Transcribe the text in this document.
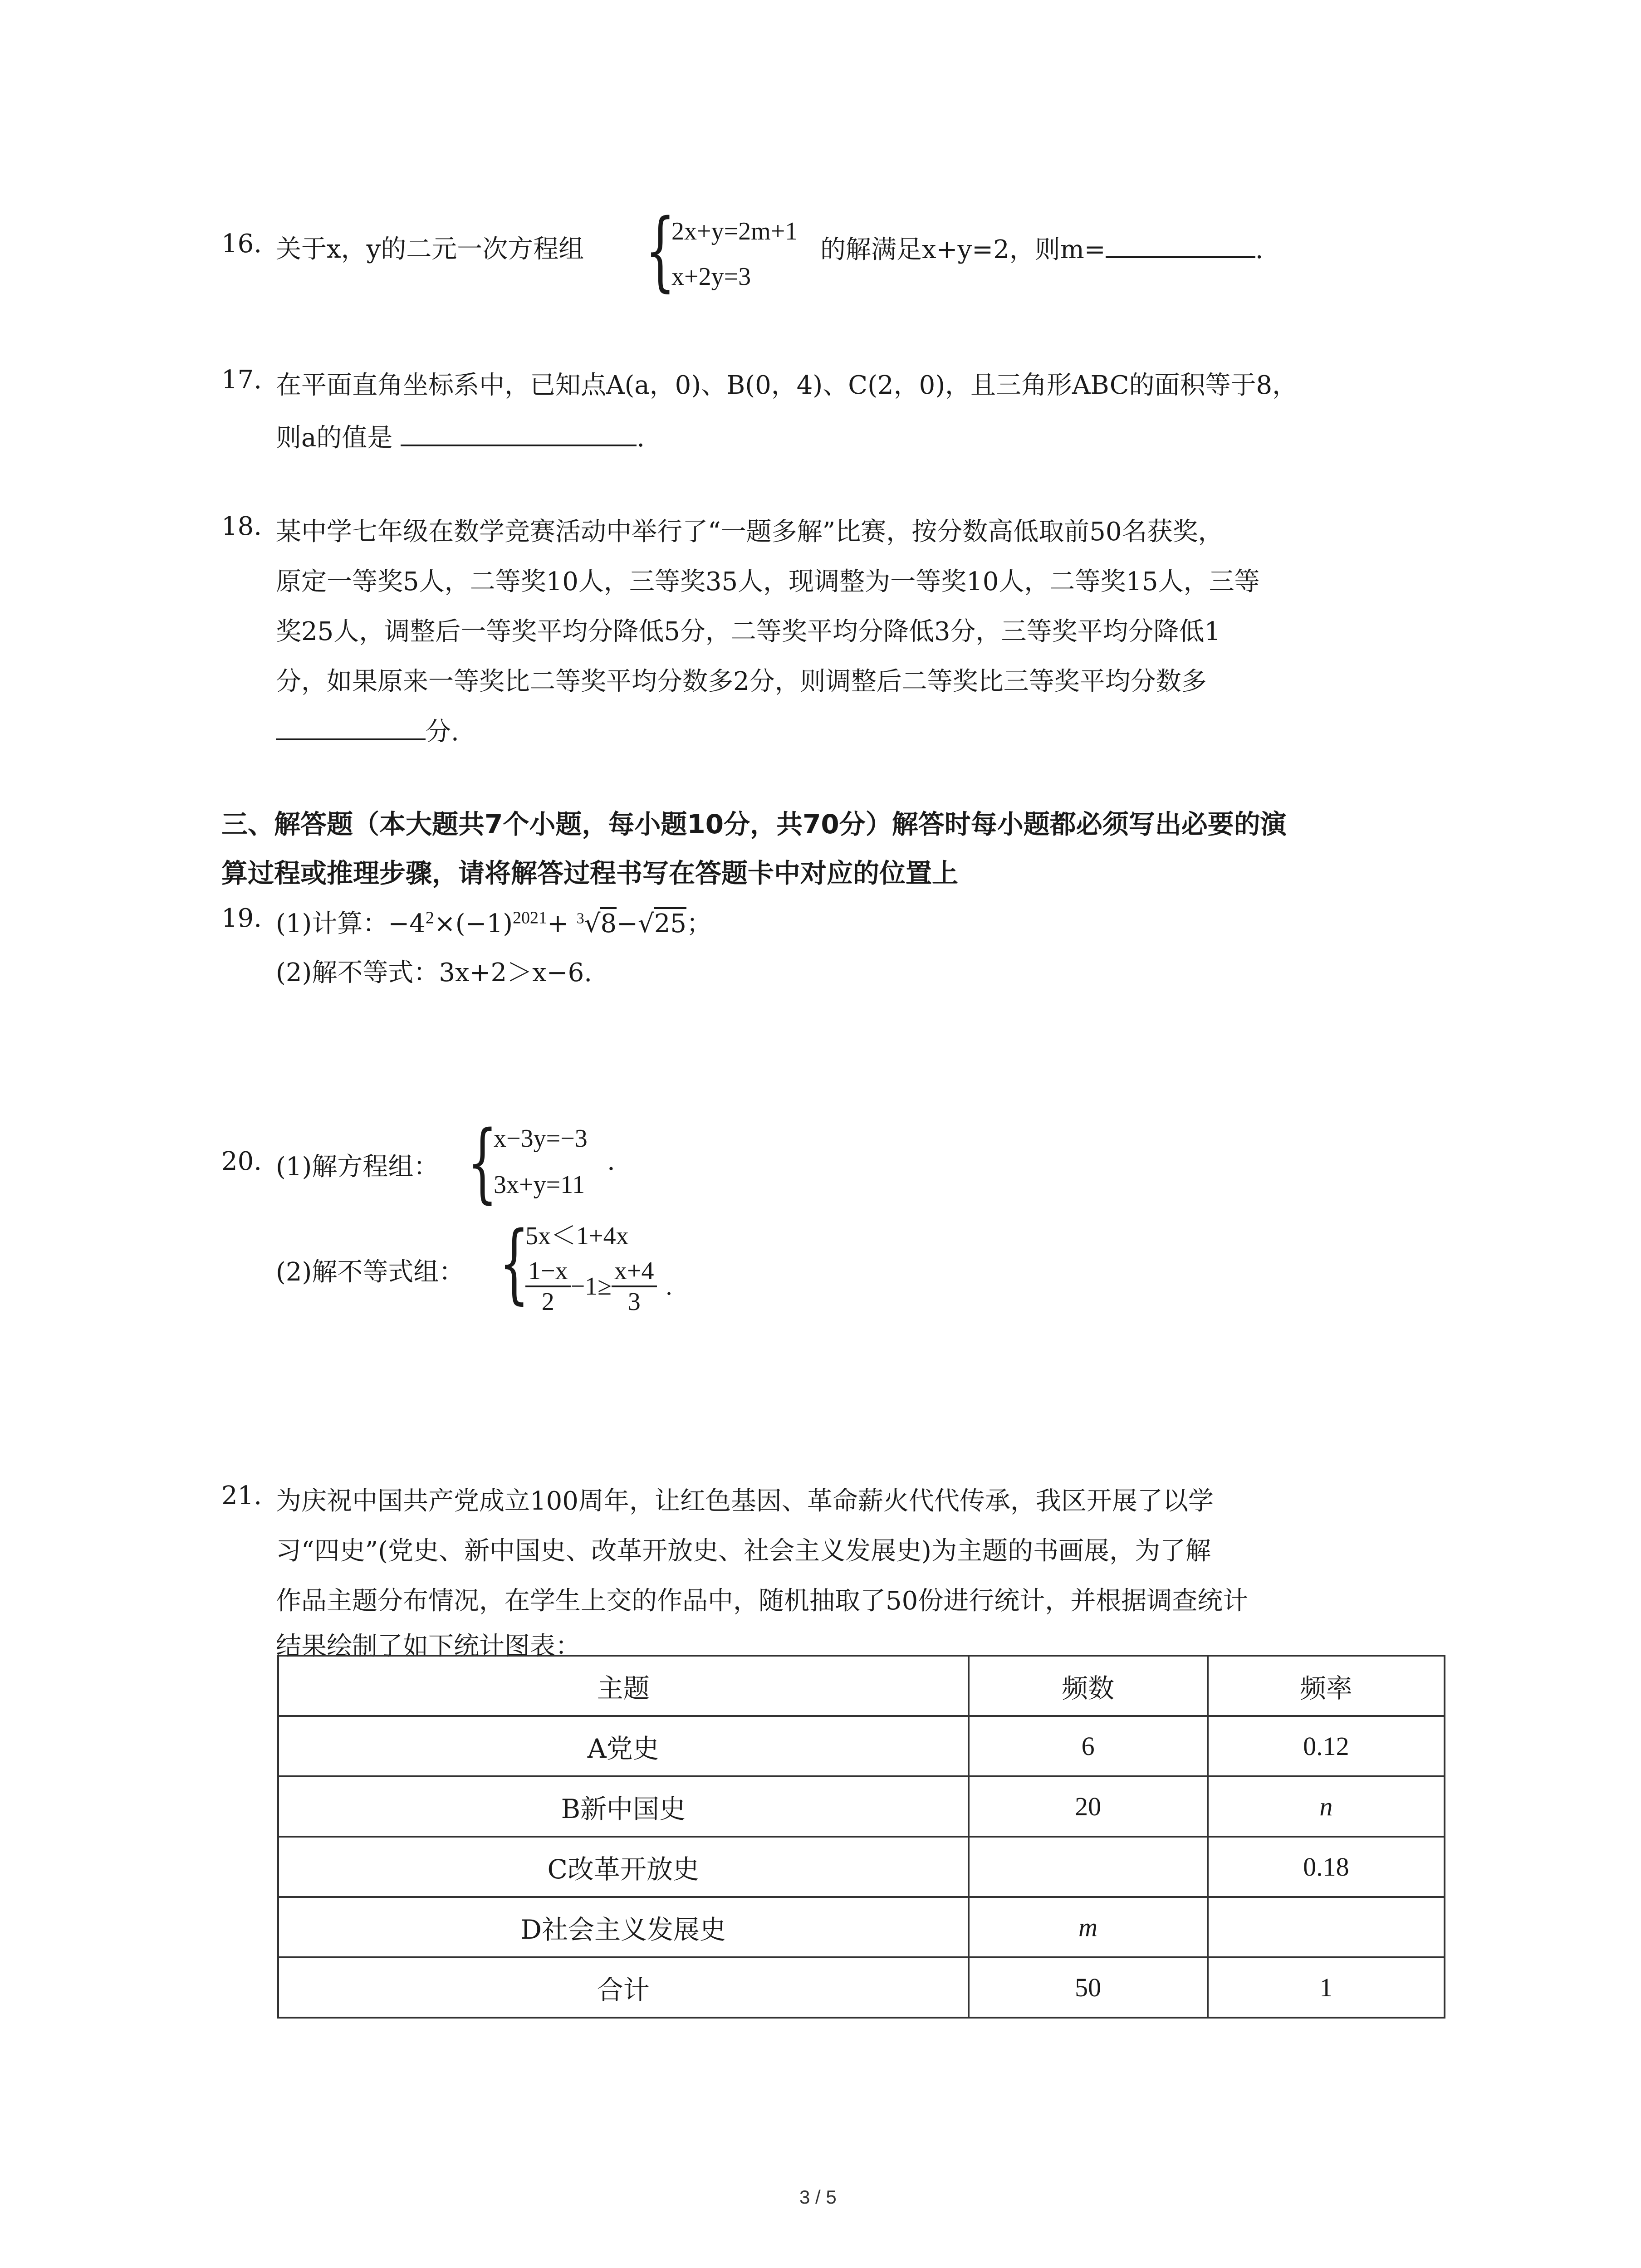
16. 关于x，y的二元一次方程组 {
2x+y=2m+1
x+2y=3
的解满足x+y=2，则m=	.
17. 在平面直角坐标系中，已知点A(a，0)、B(0，4)、C(2，0)，且三角形ABC的面积等于8，
则a的值是	.
18. 某中学七年级在数学竞赛活动中举行了“一题多解”比赛，按分数高低取前50名获奖，
原定一等奖5人，二等奖10人，三等奖35人，现调整为一等奖10人，二等奖15人，三等
奖25人，调整后一等奖平均分降低5分，二等奖平均分降低3分，三等奖平均分降低1
分，如果原来一等奖比二等奖平均分数多2分，则调整后二等奖比三等奖平均分数多
分.
三、解答题（本大题共7个小题，每小题10分，共70分）解答时每小题都必须写出必要的演
算过程或推理步骤，请将解答过程书写在答题卡中对应的位置上
19. (1)计算：$-4^2\times(-1)^{2021}+ ^3√8-√25$；
(2)解不等式：3x+2＞x−6.
20. (1)解方程组： {
x−3y=−3
3x+y=11
.
(2)解不等式组： {
5x＜1+4x
$\frac{1-x}{2} -1\ge \frac{x+4}{3}$ .
21. 为庆祝中国共产党成立100周年，让红色基因、革命薪火代代传承，我区开展了以学
习“四史”(党史、新中国史、改革开放史、社会主义发展史)为主题的书画展，为了解
作品主题分布情况，在学生上交的作品中，随机抽取了50份进行统计，并根据调查统计
结果绘制了如下统计图表：
主题	频数	频率
A党史	6	0.12
B新中国史	20	n
C改革开放史		0.18
D社会主义发展史	m	
合计	50	1
3 / 5
